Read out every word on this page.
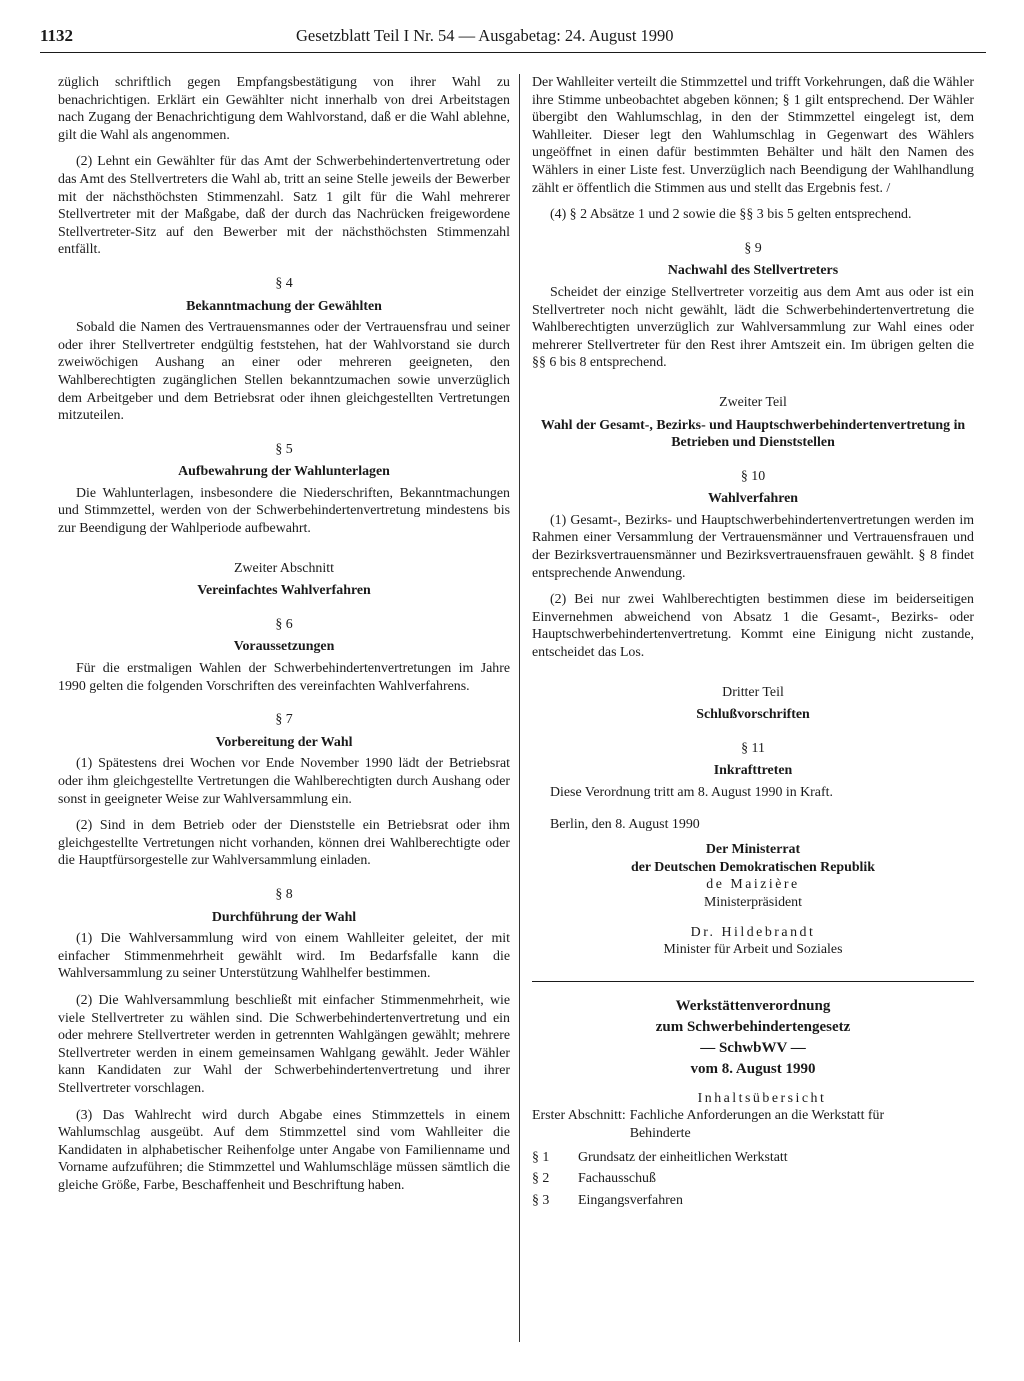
1132	Gesetzblatt Teil I Nr. 54 — Ausgabetag: 24. August 1990

züglich schriftlich gegen Empfangsbestätigung von ihrer Wahl zu benachrichtigen. Erklärt ein Gewählter nicht innerhalb von drei Arbeitstagen nach Zugang der Benachrichtigung dem Wahlvorstand, daß er die Wahl ablehne, gilt die Wahl als angenommen.

(2) Lehnt ein Gewählter für das Amt der Schwerbehindertenvertretung oder das Amt des Stellvertreters die Wahl ab, tritt an seine Stelle jeweils der Bewerber mit der nächsthöchsten Stimmenzahl. Satz 1 gilt für die Wahl mehrerer Stellvertreter mit der Maßgabe, daß der durch das Nachrücken freigewordene Stellvertreter-Sitz auf den Bewerber mit der nächsthöchsten Stimmenzahl entfällt.

§ 4

Bekanntmachung der Gewählten

Sobald die Namen des Vertrauensmannes oder der Vertrauensfrau und seiner oder ihrer Stellvertreter endgültig feststehen, hat der Wahlvorstand sie durch zweiwöchigen Aushang an einer oder mehreren geeigneten, den Wahlberechtigten zugänglichen Stellen bekanntzumachen sowie unverzüglich dem Arbeitgeber und dem Betriebsrat oder ihnen gleichgestellten Vertretungen mitzuteilen.

§ 5

Aufbewahrung der Wahlunterlagen

Die Wahlunterlagen, insbesondere die Niederschriften, Bekanntmachungen und Stimmzettel, werden von der Schwerbehindertenvertretung mindestens bis zur Beendigung der Wahlperiode aufbewahrt.

Zweiter Abschnitt

Vereinfachtes Wahlverfahren

§ 6

Voraussetzungen

Für die erstmaligen Wahlen der Schwerbehindertenvertretungen im Jahre 1990 gelten die folgenden Vorschriften des vereinfachten Wahlverfahrens.

§ 7

Vorbereitung der Wahl

(1) Spätestens drei Wochen vor Ende November 1990 lädt der Betriebsrat oder ihm gleichgestellte Vertretungen die Wahlberechtigten durch Aushang oder sonst in geeigneter Weise zur Wahlversammlung ein.

(2) Sind in dem Betrieb oder der Dienststelle ein Betriebsrat oder ihm gleichgestellte Vertretungen nicht vorhanden, können drei Wahlberechtigte oder die Hauptfürsorgestelle zur Wahlversammlung einladen.

§ 8

Durchführung der Wahl

(1) Die Wahlversammlung wird von einem Wahlleiter geleitet, der mit einfacher Stimmenmehrheit gewählt wird. Im Bedarfsfalle kann die Wahlversammlung zu seiner Unterstützung Wahlhelfer bestimmen.

(2) Die Wahlversammlung beschließt mit einfacher Stimmenmehrheit, wie viele Stellvertreter zu wählen sind. Die Schwerbehindertenvertretung und ein oder mehrere Stellvertreter werden in getrennten Wahlgängen gewählt; mehrere Stellvertreter werden in einem gemeinsamen Wahlgang gewählt. Jeder Wähler kann Kandidaten zur Wahl der Schwerbehindertenvertretung und ihrer Stellvertreter vorschlagen.

(3) Das Wahlrecht wird durch Abgabe eines Stimmzettels in einem Wahlumschlag ausgeübt. Auf dem Stimmzettel sind vom Wahlleiter die Kandidaten in alphabetischer Reihenfolge unter Angabe von Familienname und Vorname aufzuführen; die Stimmzettel und Wahlumschläge müssen sämtlich die gleiche Größe, Farbe, Beschaffenheit und Beschriftung haben.

Der Wahlleiter verteilt die Stimmzettel und trifft Vorkehrungen, daß die Wähler ihre Stimme unbeobachtet abgeben können; § 1 gilt entsprechend. Der Wähler übergibt den Wahlumschlag, in den der Stimmzettel eingelegt ist, dem Wahlleiter. Dieser legt den Wahlumschlag in Gegenwart des Wählers ungeöffnet in einen dafür bestimmten Behälter und hält den Namen des Wählers in einer Liste fest. Unverzüglich nach Beendigung der Wahlhandlung zählt er öffentlich die Stimmen aus und stellt das Ergebnis fest. /

(4) § 2 Absätze 1 und 2 sowie die §§ 3 bis 5 gelten entsprechend.

§ 9

Nachwahl des Stellvertreters

Scheidet der einzige Stellvertreter vorzeitig aus dem Amt aus oder ist ein Stellvertreter noch nicht gewählt, lädt die Schwerbehindertenvertretung die Wahlberechtigten unverzüglich zur Wahlversammlung zur Wahl eines oder mehrerer Stellvertreter für den Rest ihrer Amtszeit ein. Im übrigen gelten die §§ 6 bis 8 entsprechend.

Zweiter Teil

Wahl der Gesamt-, Bezirks- und Hauptschwerbehindertenvertretung in Betrieben und Dienststellen

§ 10

Wahlverfahren

(1) Gesamt-, Bezirks- und Hauptschwerbehindertenvertretungen werden im Rahmen einer Versammlung der Vertrauensmänner und Vertrauensfrauen und der Bezirksvertrauensmänner und Bezirksvertrauensfrauen gewählt. § 8 findet entsprechende Anwendung.

(2) Bei nur zwei Wahlberechtigten bestimmen diese im beiderseitigen Einvernehmen abweichend von Absatz 1 die Gesamt-, Bezirks- oder Hauptschwerbehindertenvertretung. Kommt eine Einigung nicht zustande, entscheidet das Los.

Dritter Teil

Schlußvorschriften

§ 11

Inkrafttreten

Diese Verordnung tritt am 8. August 1990 in Kraft.

Berlin, den 8. August 1990

Der Ministerrat

der Deutschen Demokratischen Republik

de Maizière

Ministerpräsident

Dr. Hildebrandt

Minister für Arbeit und Soziales

Werkstättenverordnung
zum Schwerbehindertengesetz
— SchwbWV —
vom 8. August 1990

Inhaltsübersicht

Erster Abschnitt: Fachliche Anforderungen an die Werkstatt für Behinderte
§ 1	Grundsatz der einheitlichen Werkstatt
§ 2	Fachausschuß
§ 3	Eingangsverfahren
